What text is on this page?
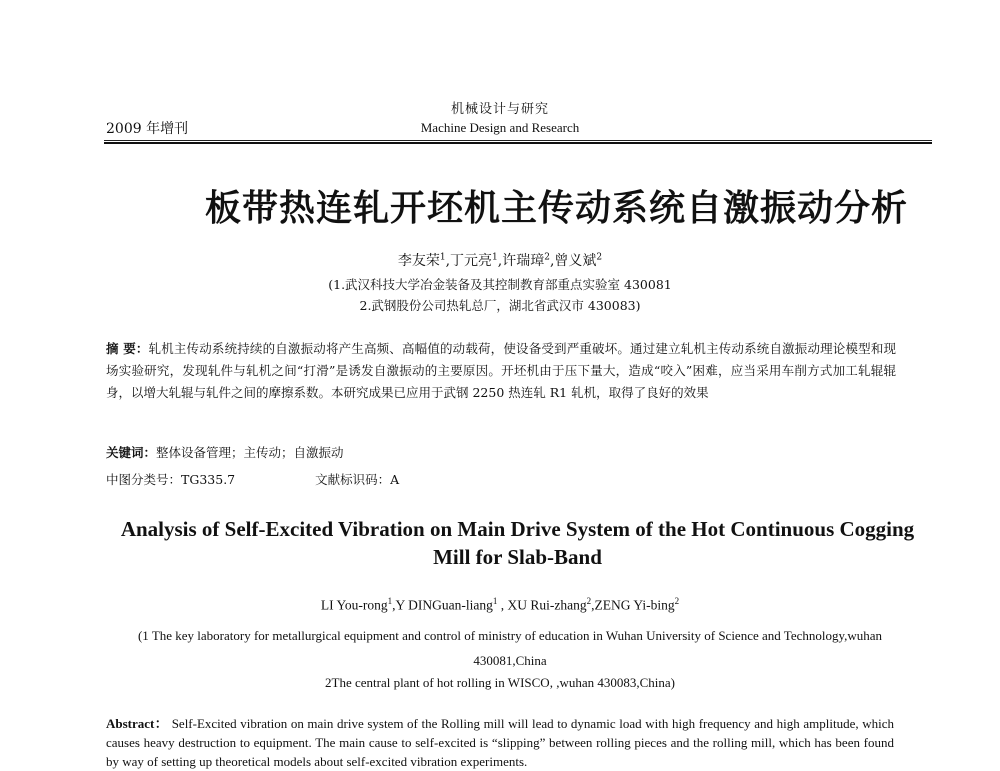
机械设计与研究
Machine Design and Research
2009 年增刊
板带热连轧开坯机主传动系统自激振动分析
李友荣$^1$,丁元亮$^1$,许瑞璋$^2$,曾义斌$^2$
(1.武汉科技大学冶金装备及其控制教育部重点实验室 430081
2.武钢股份公司热轧总厂，湖北省武汉市 430083)
摘 要：轧机主传动系统持续的自激振动将产生高频、高幅值的动载荷，使设备受到严重破坏。通过建立轧机主传动系统自激振动理论模型和现场实验研究，发现轧件与轧机之间“打滑”是诱发自激振动的主要原因。开坯机由于压下量大，造成“咬入”困难，应当采用车削方式加工轧辊辊身，以增大轧辊与轧件之间的摩擦系数。本研究成果已应用于武钢 2250 热连轧 R1 轧机，取得了良好的效果
关键词：整体设备管理；主传动；自激振动
中图分类号：TG335.7	文献标识码：A
Analysis of Self-Excited Vibration on Main Drive System of the Hot Continuous Cogging Mill for Slab-Band
LI You-rong$^1$,Y DINGuan-liang$^1$ , XU Rui-zhang$^2$,ZENG Yi-bing$^2$
(1 The key laboratory for metallurgical equipment and control of ministry of education in Wuhan University of Science and Technology,wuhan 430081,China
2The central plant of hot rolling in WISCO, ,wuhan 430083,China)
Abstract： Self-Excited vibration on main drive system of the Rolling mill will lead to dynamic load with high frequency and high amplitude, which causes heavy destruction to equipment. The main cause to self-excited is “slipping” between rolling pieces and the rolling mill, which has been found by way of setting up theoretical models about self-excited vibration experiments.
